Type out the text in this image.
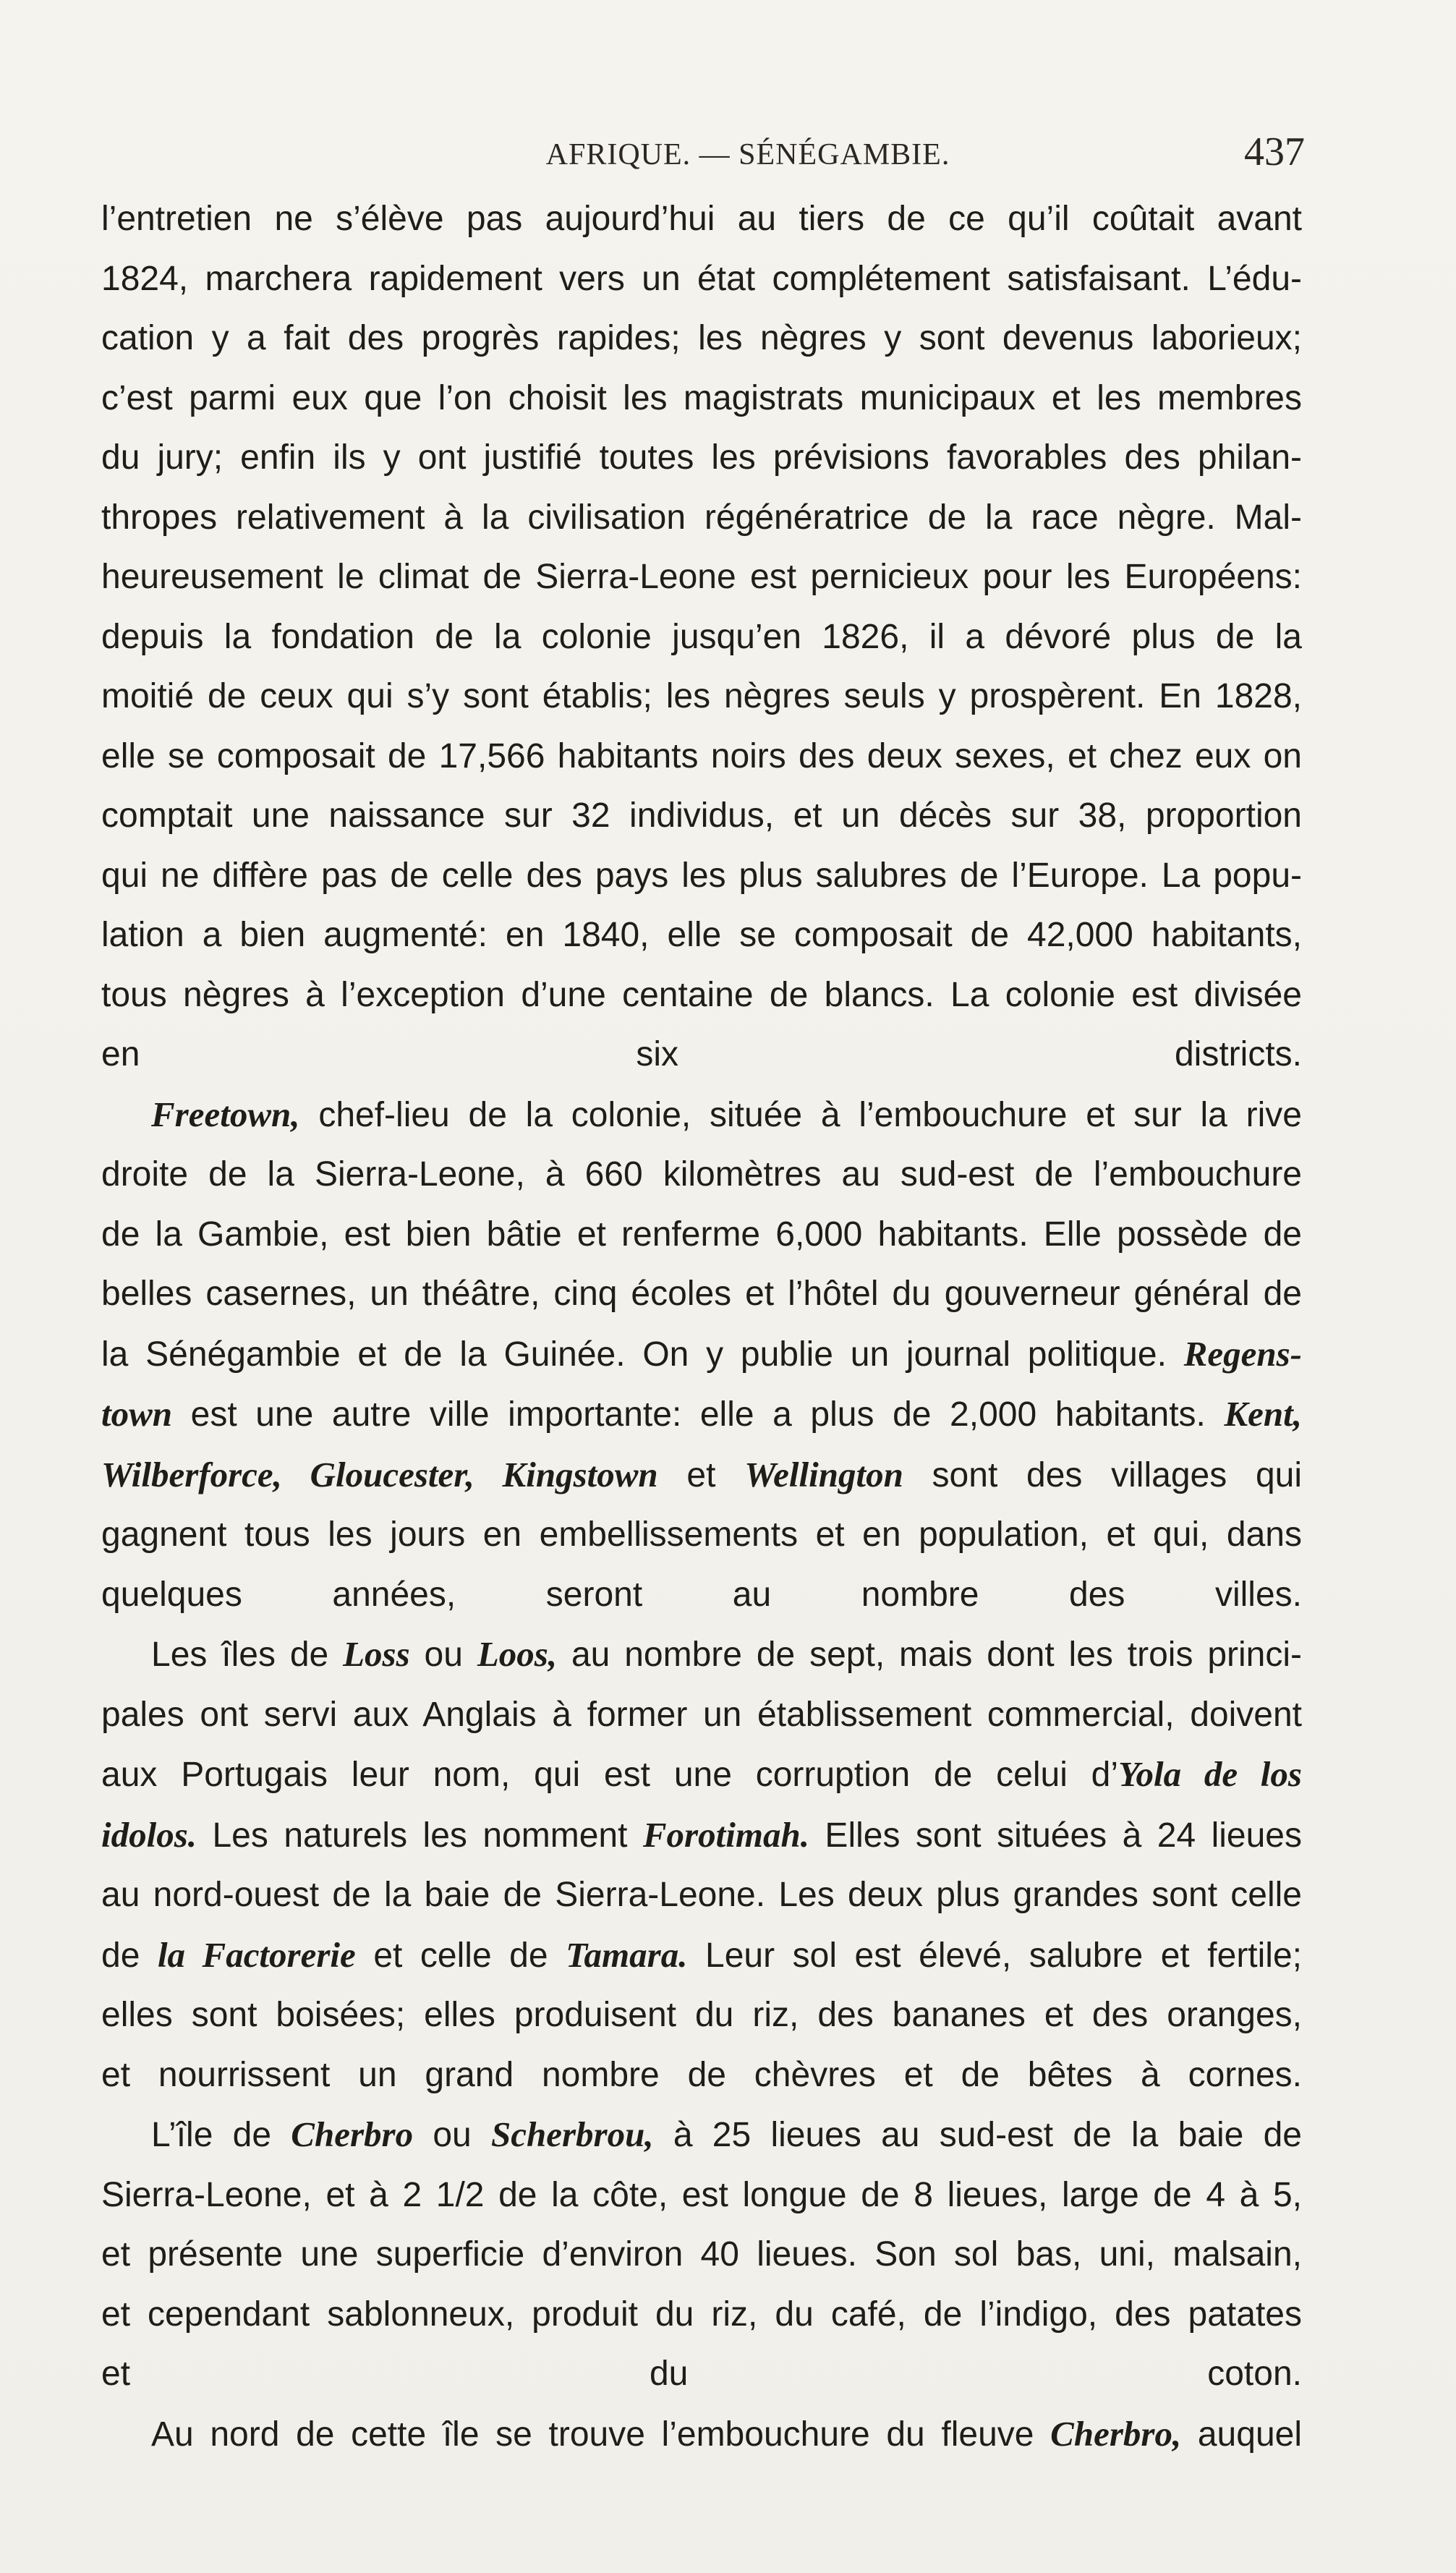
AFRIQUE. — SÉNÉGAMBIE.	437
l’entretien ne s’élève pas aujourd’hui au tiers de ce qu’il coûtait avant
1824, marchera rapidement vers un état complétement satisfaisant. L’édu-
cation y a fait des progrès rapides; les nègres y sont devenus laborieux;
c’est parmi eux que l’on choisit les magistrats municipaux et les membres
du jury; enfin ils y ont justifié toutes les prévisions favorables des philan-
thropes relativement à la civilisation régénératrice de la race nègre. Mal-
heureusement le climat de Sierra-Leone est pernicieux pour les Européens:
depuis la fondation de la colonie jusqu’en 1826, il a dévoré plus de la
moitié de ceux qui s’y sont établis; les nègres seuls y prospèrent. En 1828,
elle se composait de 17,566 habitants noirs des deux sexes, et chez eux on
comptait une naissance sur 32 individus, et un décès sur 38, proportion
qui ne diffère pas de celle des pays les plus salubres de l’Europe. La popu-
lation a bien augmenté: en 1840, elle se composait de 42,000 habitants,
tous nègres à l’exception d’une centaine de blancs. La colonie est divisée
en six districts.
Freetown, chef-lieu de la colonie, située à l’embouchure et sur la rive
droite de la Sierra-Leone, à 660 kilomètres au sud-est de l’embouchure
de la Gambie, est bien bâtie et renferme 6,000 habitants. Elle possède de
belles casernes, un théâtre, cinq écoles et l’hôtel du gouverneur général de
la Sénégambie et de la Guinée. On y publie un journal politique. Regens-
town est une autre ville importante: elle a plus de 2,000 habitants. Kent,
Wilberforce, Gloucester, Kingstown et Wellington sont des villages qui
gagnent tous les jours en embellissements et en population, et qui, dans
quelques années, seront au nombre des villes.
Les îles de Loss ou Loos, au nombre de sept, mais dont les trois princi-
pales ont servi aux Anglais à former un établissement commercial, doivent
aux Portugais leur nom, qui est une corruption de celui d’Yola de los
idolos. Les naturels les nomment Forotimah. Elles sont situées à 24 lieues
au nord-ouest de la baie de Sierra-Leone. Les deux plus grandes sont celle
de la Factorerie et celle de Tamara. Leur sol est élevé, salubre et fertile;
elles sont boisées; elles produisent du riz, des bananes et des oranges,
et nourrissent un grand nombre de chèvres et de bêtes à cornes.
L’île de Cherbro ou Scherbrou, à 25 lieues au sud-est de la baie de
Sierra-Leone, et à 2 1/2 de la côte, est longue de 8 lieues, large de 4 à 5,
et présente une superficie d’environ 40 lieues. Son sol bas, uni, malsain,
et cependant sablonneux, produit du riz, du café, de l’indigo, des patates
et du coton.
Au nord de cette île se trouve l’embouchure du fleuve Cherbro, auquel
